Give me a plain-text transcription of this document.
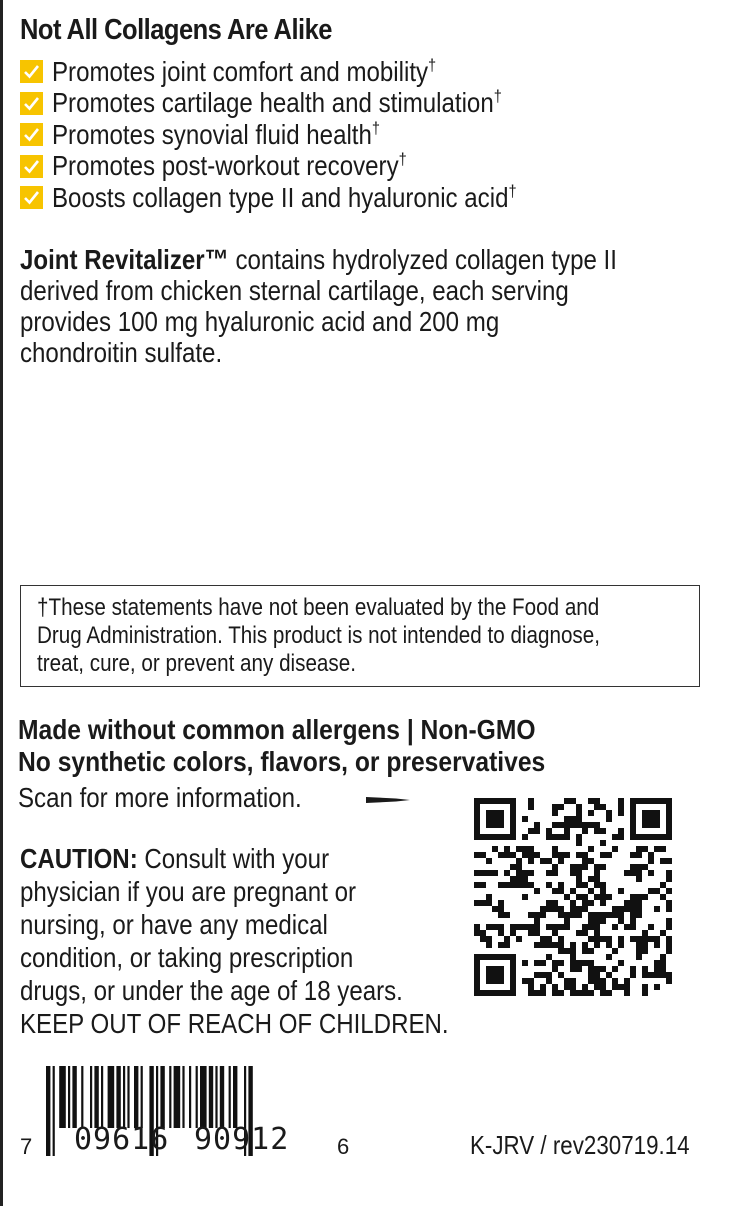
Not All Collagens Are Alike
Promotes joint comfort and mobility†
Promotes cartilage health and stimulation†
Promotes synovial fluid health†
Promotes post-workout recovery†
Boosts collagen type II and hyaluronic acid†
Joint Revitalizer™ contains hydrolyzed collagen type II
derived from chicken sternal cartilage, each serving
provides 100 mg hyaluronic acid and 200 mg
chondroitin sulfate.
†These statements have not been evaluated by the Food and
Drug Administration. This product is not intended to diagnose,
treat, cure, or prevent any disease.
Made without common allergens | Non-GMO
No synthetic colors, flavors, or preservatives
Scan for more information.
CAUTION: Consult with your
physician if you are pregnant or
nursing, or have any medical
condition, or taking prescription
drugs, or under the age of 18 years.
KEEP OUT OF REACH OF CHILDREN.
7 09616 90912 6	K-JRV / rev230719.14
